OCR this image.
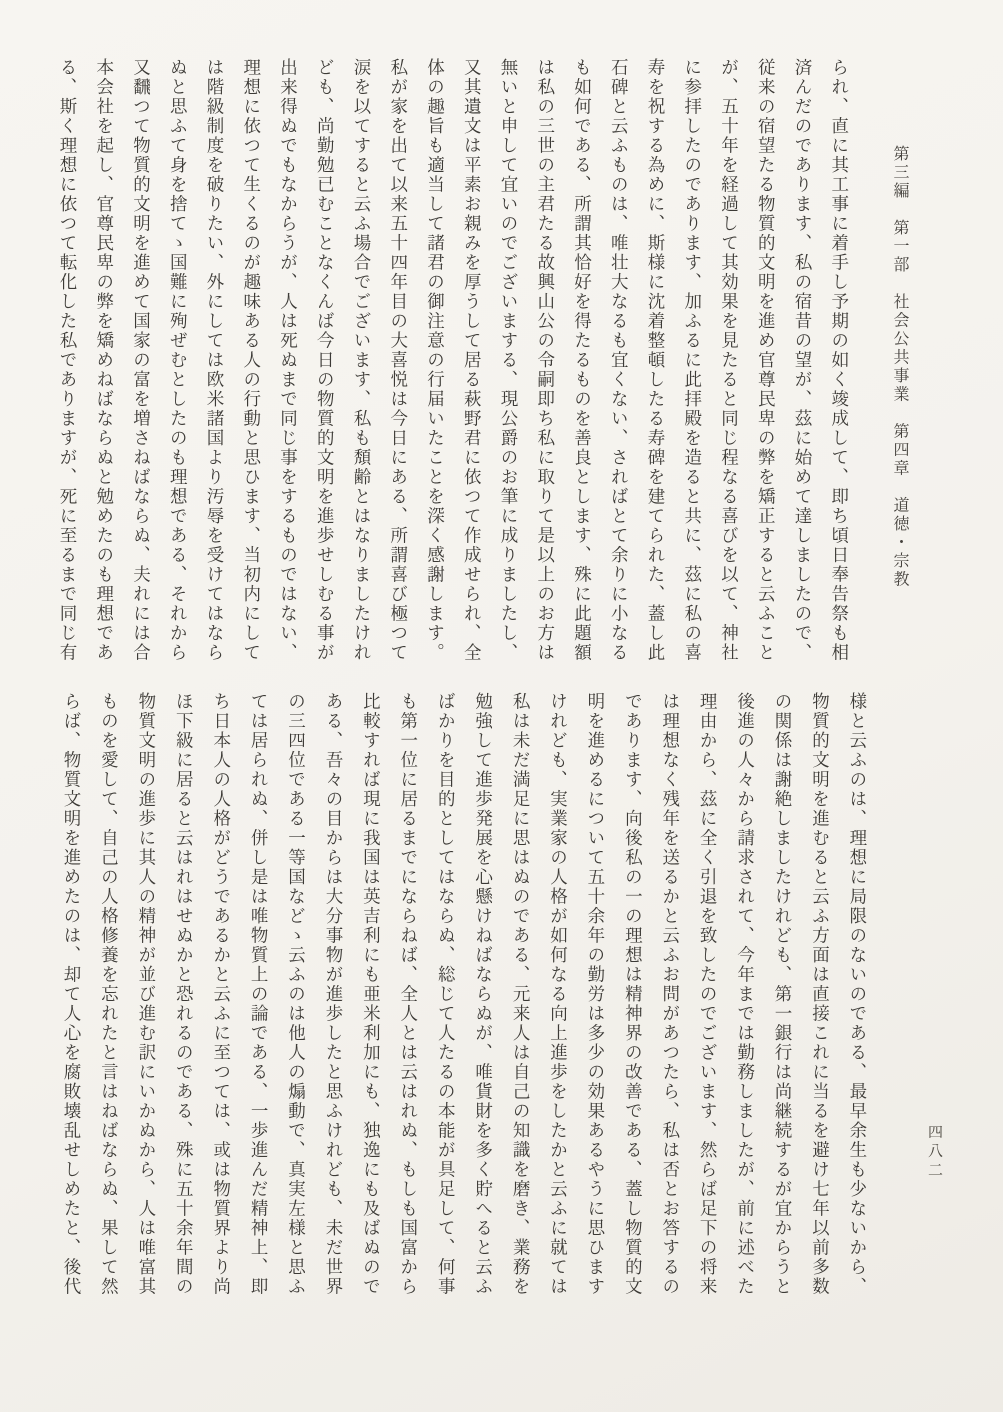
第三編　第一部　社会公共事業　第四章　道徳・宗教
四八二
られ、直に其工事に着手し予期の如く竣成して、即ち頃日奉告祭も相
済んだのであります、私の宿昔の望が、茲に始めて達しましたので、
従来の宿望たる物質的文明を進め官尊民卑の弊を矯正すると云ふこと
が、五十年を経過して其効果を見たると同じ程なる喜びを以て、神社
に参拝したのであります、加ふるに此拝殿を造ると共に、茲に私の喜
寿を祝する為めに、斯様に沈着整頓したる寿碑を建てられた、蓋し此
石碑と云ふものは、唯壮大なるも宜くない、さればとて余りに小なる
も如何である、所謂其恰好を得たるものを善良とします、殊に此題額
は私の三世の主君たる故興山公の令嗣即ち私に取りて是以上のお方は
無いと申して宜いのでございまする、現公爵のお筆に成りましたし、
又其遺文は平素お親みを厚うして居る萩野君に依つて作成せられ、全
体の趣旨も適当して諸君の御注意の行届いたことを深く感謝します。
私が家を出て以来五十四年目の大喜悦は今日にある、所謂喜び極つて
涙を以てすると云ふ場合でございます、私も頽齢とはなりましたけれ
ども、尚勤勉已むことなくんば今日の物質的文明を進歩せしむる事が
出来得ぬでもなからうが、人は死ぬまで同じ事をするものではない、
理想に依つて生くるのが趣味ある人の行動と思ひます、当初内にして
は階級制度を破りたい、外にしては欧米諸国より汚辱を受けてはなら
ぬと思ふて身を捨てゝ国難に殉ぜむとしたのも理想である、それから
又飜つて物質的文明を進めて国家の富を増さねばならぬ、夫れには合
本会社を起し、官尊民卑の弊を矯めねばならぬと勉めたのも理想であ
る、斯く理想に依つて転化した私でありますが、死に至るまで同じ有
様と云ふのは、理想に局限のないのである、最早余生も少ないから、
物質的文明を進むると云ふ方面は直接これに当るを避け七年以前多数
の関係は謝絶しましたけれども、第一銀行は尚継続するが宜からうと
後進の人々から請求されて、今年までは勤務しましたが、前に述べた
理由から、茲に全く引退を致したのでございます、然らば足下の将来
は理想なく残年を送るかと云ふお問があつたら、私は否とお答するの
であります、向後私の一の理想は精神界の改善である、蓋し物質的文
明を進めるについて五十余年の勤労は多少の効果あるやうに思ひます
けれども、実業家の人格が如何なる向上進歩をしたかと云ふに就ては
私は未だ満足に思はぬのである、元来人は自己の知識を磨き、業務を
勉強して進歩発展を心懸けねばならぬが、唯貨財を多く貯へると云ふ
ばかりを目的としてはならぬ、総じて人たるの本能が具足して、何事
も第一位に居るまでにならねば、全人とは云はれぬ、もしも国富から
比較すれば現に我国は英吉利にも亜米利加にも、独逸にも及ばぬので
ある、吾々の目からは大分事物が進歩したと思ふけれども、未だ世界
の三四位である一等国などゝ云ふのは他人の煽動で、真実左様と思ふ
ては居られぬ、併し是は唯物質上の論である、一歩進んだ精神上、即
ち日本人の人格がどうであるかと云ふに至つては、或は物質界より尚
ほ下級に居ると云はれはせぬかと恐れるのである、殊に五十余年間の
物質文明の進歩に其人の精神が並び進む訳にいかぬから、人は唯富其
ものを愛して、自己の人格修養を忘れたと言はねばならぬ、果して然
らば、物質文明を進めたのは、却て人心を腐敗壊乱せしめたと、後代
